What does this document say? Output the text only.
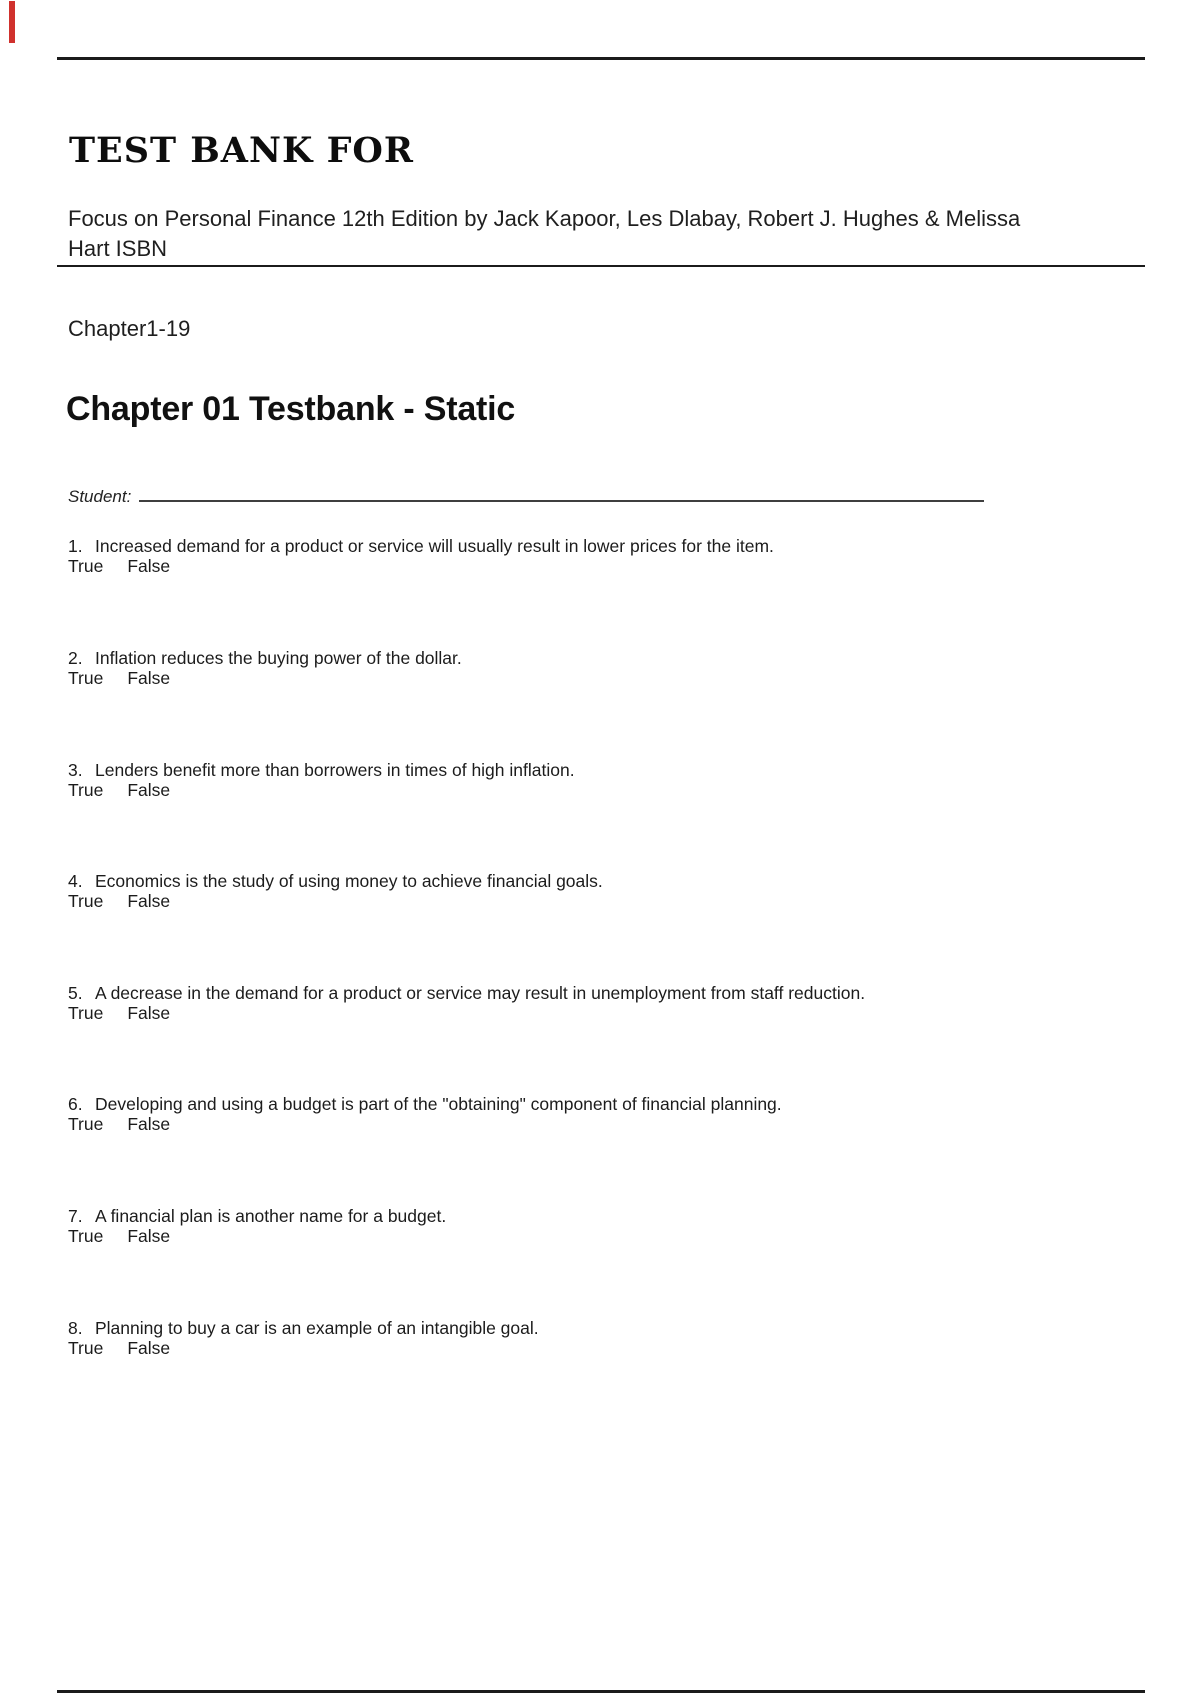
TEST BANK FOR
Focus on Personal Finance 12th Edition by Jack Kapoor, Les Dlabay, Robert J. Hughes & Melissa
Hart ISBN
Chapter1-19
Chapter 01 Testbank - Static
Student:
1. Increased demand for a product or service will usually result in lower prices for the item.
True False
2. Inflation reduces the buying power of the dollar.
True False
3. Lenders benefit more than borrowers in times of high inflation.
True False
4. Economics is the study of using money to achieve financial goals.
True False
5. A decrease in the demand for a product or service may result in unemployment from staff reduction.
True False
6. Developing and using a budget is part of the "obtaining" component of financial planning.
True False
7. A financial plan is another name for a budget.
True False
8. Planning to buy a car is an example of an intangible goal.
True False
